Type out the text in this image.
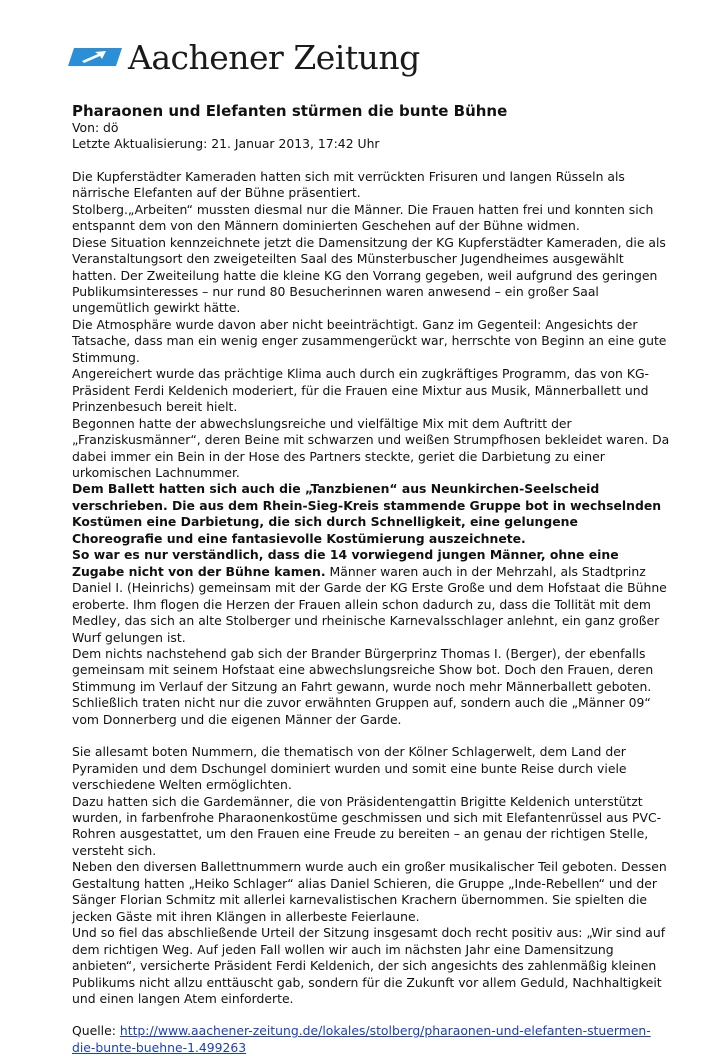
Aachener Zeitung
Pharaonen und Elefanten stürmen die bunte Bühne
Von: dö
Letzte Aktualisierung: 21. Januar 2013, 17:42 Uhr

Die Kupferstädter Kameraden hatten sich mit verrückten Frisuren und langen Rüsseln als närrische Elefanten auf der Bühne präsentiert.

Stolberg.„Arbeiten“ mussten diesmal nur die Männer. Die Frauen hatten frei und konnten sich entspannt dem von den Männern dominierten Geschehen auf der Bühne widmen.

Diese Situation kennzeichnete jetzt die Damensitzung der KG Kupferstädter Kameraden, die als Veranstaltungsort den zweigeteilten Saal des Münsterbuscher Jugendheimes ausgewählt hatten. Der Zweiteilung hatte die kleine KG den Vorrang gegeben, weil aufgrund des geringen Publikumsinteresses – nur rund 80 Besucherinnen waren anwesend – ein großer Saal ungemütlich gewirkt hätte.

Die Atmosphäre wurde davon aber nicht beeinträchtigt. Ganz im Gegenteil: Angesichts der Tatsache, dass man ein wenig enger zusammengerückt war, herrschte von Beginn an eine gute Stimmung.

Angereichert wurde das prächtige Klima auch durch ein zugkräftiges Programm, das von KG-Präsident Ferdi Keldenich moderiert, für die Frauen eine Mixtur aus Musik, Männerballett und Prinzenbesuch bereit hielt.

Begonnen hatte der abwechslungsreiche und vielfältige Mix mit dem Auftritt der „Franziskusmänner“, deren Beine mit schwarzen und weißen Strumpfhosen bekleidet waren. Da dabei immer ein Bein in der Hose des Partners steckte, geriet die Darbietung zu einer urkomischen Lachnummer.

Dem Ballett hatten sich auch die „Tanzbienen“ aus Neunkirchen-Seelscheid verschrieben. Die aus dem Rhein-Sieg-Kreis stammende Gruppe bot in wechselnden Kostümen eine Darbietung, die sich durch Schnelligkeit, eine gelungene Choreografie und eine fantasievolle Kostümierung auszeichnete.

So war es nur verständlich, dass die 14 vorwiegend jungen Männer, ohne eine Zugabe nicht von der Bühne kamen. Männer waren auch in der Mehrzahl, als Stadtprinz Daniel I. (Heinrichs) gemeinsam mit der Garde der KG Erste Große und dem Hofstaat die Bühne eroberte. Ihm flogen die Herzen der Frauen allein schon dadurch zu, dass die Tollität mit dem Medley, das sich an alte Stolberger und rheinische Karnevalsschlager anlehnt, ein ganz großer Wurf gelungen ist.

Dem nichts nachstehend gab sich der Brander Bürgerprinz Thomas I. (Berger), der ebenfalls gemeinsam mit seinem Hofstaat eine abwechslungsreiche Show bot. Doch den Frauen, deren Stimmung im Verlauf der Sitzung an Fahrt gewann, wurde noch mehr Männerballett geboten. Schließlich traten nicht nur die zuvor erwähnten Gruppen auf, sondern auch die „Männer 09“ vom Donnerberg und die eigenen Männer der Garde.

Sie allesamt boten Nummern, die thematisch von der Kölner Schlagerwelt, dem Land der Pyramiden und dem Dschungel dominiert wurden und somit eine bunte Reise durch viele verschiedene Welten ermöglichten.

Dazu hatten sich die Gardemänner, die von Präsidentengattin Brigitte Keldenich unterstützt wurden, in farbenfrohe Pharaonenkostüme geschmissen und sich mit Elefantenrüssel aus PVC-Rohren ausgestattet, um den Frauen eine Freude zu bereiten – an genau der richtigen Stelle, versteht sich.

Neben den diversen Ballettnummern wurde auch ein großer musikalischer Teil geboten. Dessen Gestaltung hatten „Heiko Schlager“ alias Daniel Schieren, die Gruppe „Inde-Rebellen“ und der Sänger Florian Schmitz mit allerlei karnevalistischen Krachern übernommen. Sie spielten die jecken Gäste mit ihren Klängen in allerbeste Feierlaune.

Und so fiel das abschließende Urteil der Sitzung insgesamt doch recht positiv aus: „Wir sind auf dem richtigen Weg. Auf jeden Fall wollen wir auch im nächsten Jahr eine Damensitzung anbieten“, versicherte Präsident Ferdi Keldenich, der sich angesichts des zahlenmäßig kleinen Publikums nicht allzu enttäuscht gab, sondern für die Zukunft vor allem Geduld, Nachhaltigkeit und einen langen Atem einforderte.

Quelle: http://www.aachener-zeitung.de/lokales/stolberg/pharaonen-und-elefanten-stuermen-die-bunte-buehne-1.499263
